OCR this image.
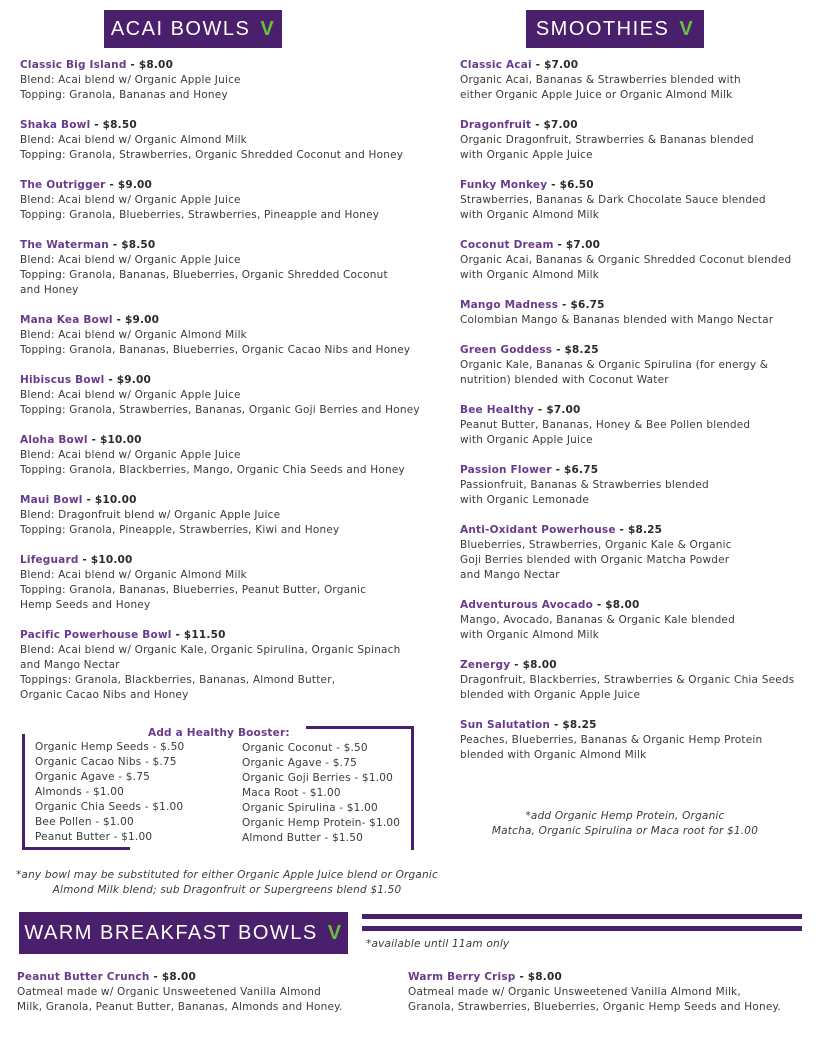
ACAI BOWLS V	SMOOTHIES V
WARM BREAKFAST BOWLS V
Classic Big Island - $8.00
Blend: Acai blend w/ Organic Apple Juice
Topping: Granola, Bananas and Honey
Shaka Bowl - $8.50
Blend: Acai blend w/ Organic Almond Milk
Topping: Granola, Strawberries, Organic Shredded Coconut and Honey
The Outrigger - $9.00
Blend: Acai blend w/ Organic Apple Juice
Topping: Granola, Blueberries, Strawberries, Pineapple and Honey
The Waterman - $8.50
Blend: Acai blend w/ Organic Apple Juice
Topping: Granola, Bananas, Blueberries, Organic Shredded Coconut
and Honey
Mana Kea Bowl - $9.00
Blend: Acai blend w/ Organic Almond Milk
Topping: Granola, Bananas, Blueberries, Organic Cacao Nibs and Honey
Hibiscus Bowl - $9.00
Blend: Acai blend w/ Organic Apple Juice
Topping: Granola, Strawberries, Bananas, Organic Goji Berries and Honey
Aloha Bowl - $10.00
Blend: Acai blend w/ Organic Apple Juice
Topping: Granola, Blackberries, Mango, Organic Chia Seeds and Honey
Maui Bowl - $10.00
Blend: Dragonfruit blend w/ Organic Apple Juice
Topping: Granola, Pineapple, Strawberries, Kiwi and Honey
Lifeguard - $10.00
Blend: Acai blend w/ Organic Almond Milk
Topping: Granola, Bananas, Blueberries, Peanut Butter, Organic
Hemp Seeds and Honey
Pacific Powerhouse Bowl - $11.50
Blend: Acai blend w/ Organic Kale, Organic Spirulina, Organic Spinach
and Mango Nectar
Toppings: Granola, Blackberries, Bananas, Almond Butter,
Organic Cacao Nibs and Honey
Classic Acai - $7.00
Organic Acai, Bananas & Strawberries blended with
either Organic Apple Juice or Organic Almond Milk
Dragonfruit - $7.00
Organic Dragonfruit, Strawberries & Bananas blended
with Organic Apple Juice
Funky Monkey - $6.50
Strawberries, Bananas & Dark Chocolate Sauce blended
with Organic Almond Milk
Coconut Dream - $7.00
Organic Acai, Bananas & Organic Shredded Coconut blended
with Organic Almond Milk
Mango Madness - $6.75
Colombian Mango & Bananas blended with Mango Nectar
Green Goddess - $8.25
Organic Kale, Bananas & Organic Spirulina (for energy &
nutrition) blended with Coconut Water
Bee Healthy - $7.00
Peanut Butter, Bananas, Honey & Bee Pollen blended
with Organic Apple Juice
Passion Flower - $6.75
Passionfruit, Bananas & Strawberries blended
with Organic Lemonade
Anti-Oxidant Powerhouse - $8.25
Blueberries, Strawberries, Organic Kale & Organic
Goji Berries blended with Organic Matcha Powder
and Mango Nectar
Adventurous Avocado - $8.00
Mango, Avocado, Bananas & Organic Kale blended
with Organic Almond Milk
Zenergy - $8.00
Dragonfruit, Blackberries, Strawberries & Organic Chia Seeds
blended with Organic Apple Juice
Sun Salutation - $8.25
Peaches, Blueberries, Bananas & Organic Hemp Protein
blended with Organic Almond Milk
Add a Healthy Booster:
Organic Hemp Seeds - $.50
Organic Cacao Nibs - $.75
Organic Agave - $.75
Almonds - $1.00
Organic Chia Seeds - $1.00
Bee Pollen - $1.00
Peanut Butter - $1.00
Organic Coconut - $.50
Organic Agave - $.75
Organic Goji Berries - $1.00
Maca Root - $1.00
Organic Spirulina - $1.00
Organic Hemp Protein- $1.00
Almond Butter - $1.50
*any bowl may be substituted for either Organic Apple Juice blend or Organic Almond Milk blend; sub Dragonfruit or Supergreens blend $1.50
*add Organic Hemp Protein, Organic
Matcha, Organic Spirulina or Maca root for $1.00
*available until 11am only
Peanut Butter Crunch - $8.00
Oatmeal made w/ Organic Unsweetened Vanilla Almond
Milk, Granola, Peanut Butter, Bananas, Almonds and Honey.
Warm Berry Crisp - $8.00
Oatmeal made w/ Organic Unsweetened Vanilla Almond Milk,
Granola, Strawberries, Blueberries, Organic Hemp Seeds and Honey.
